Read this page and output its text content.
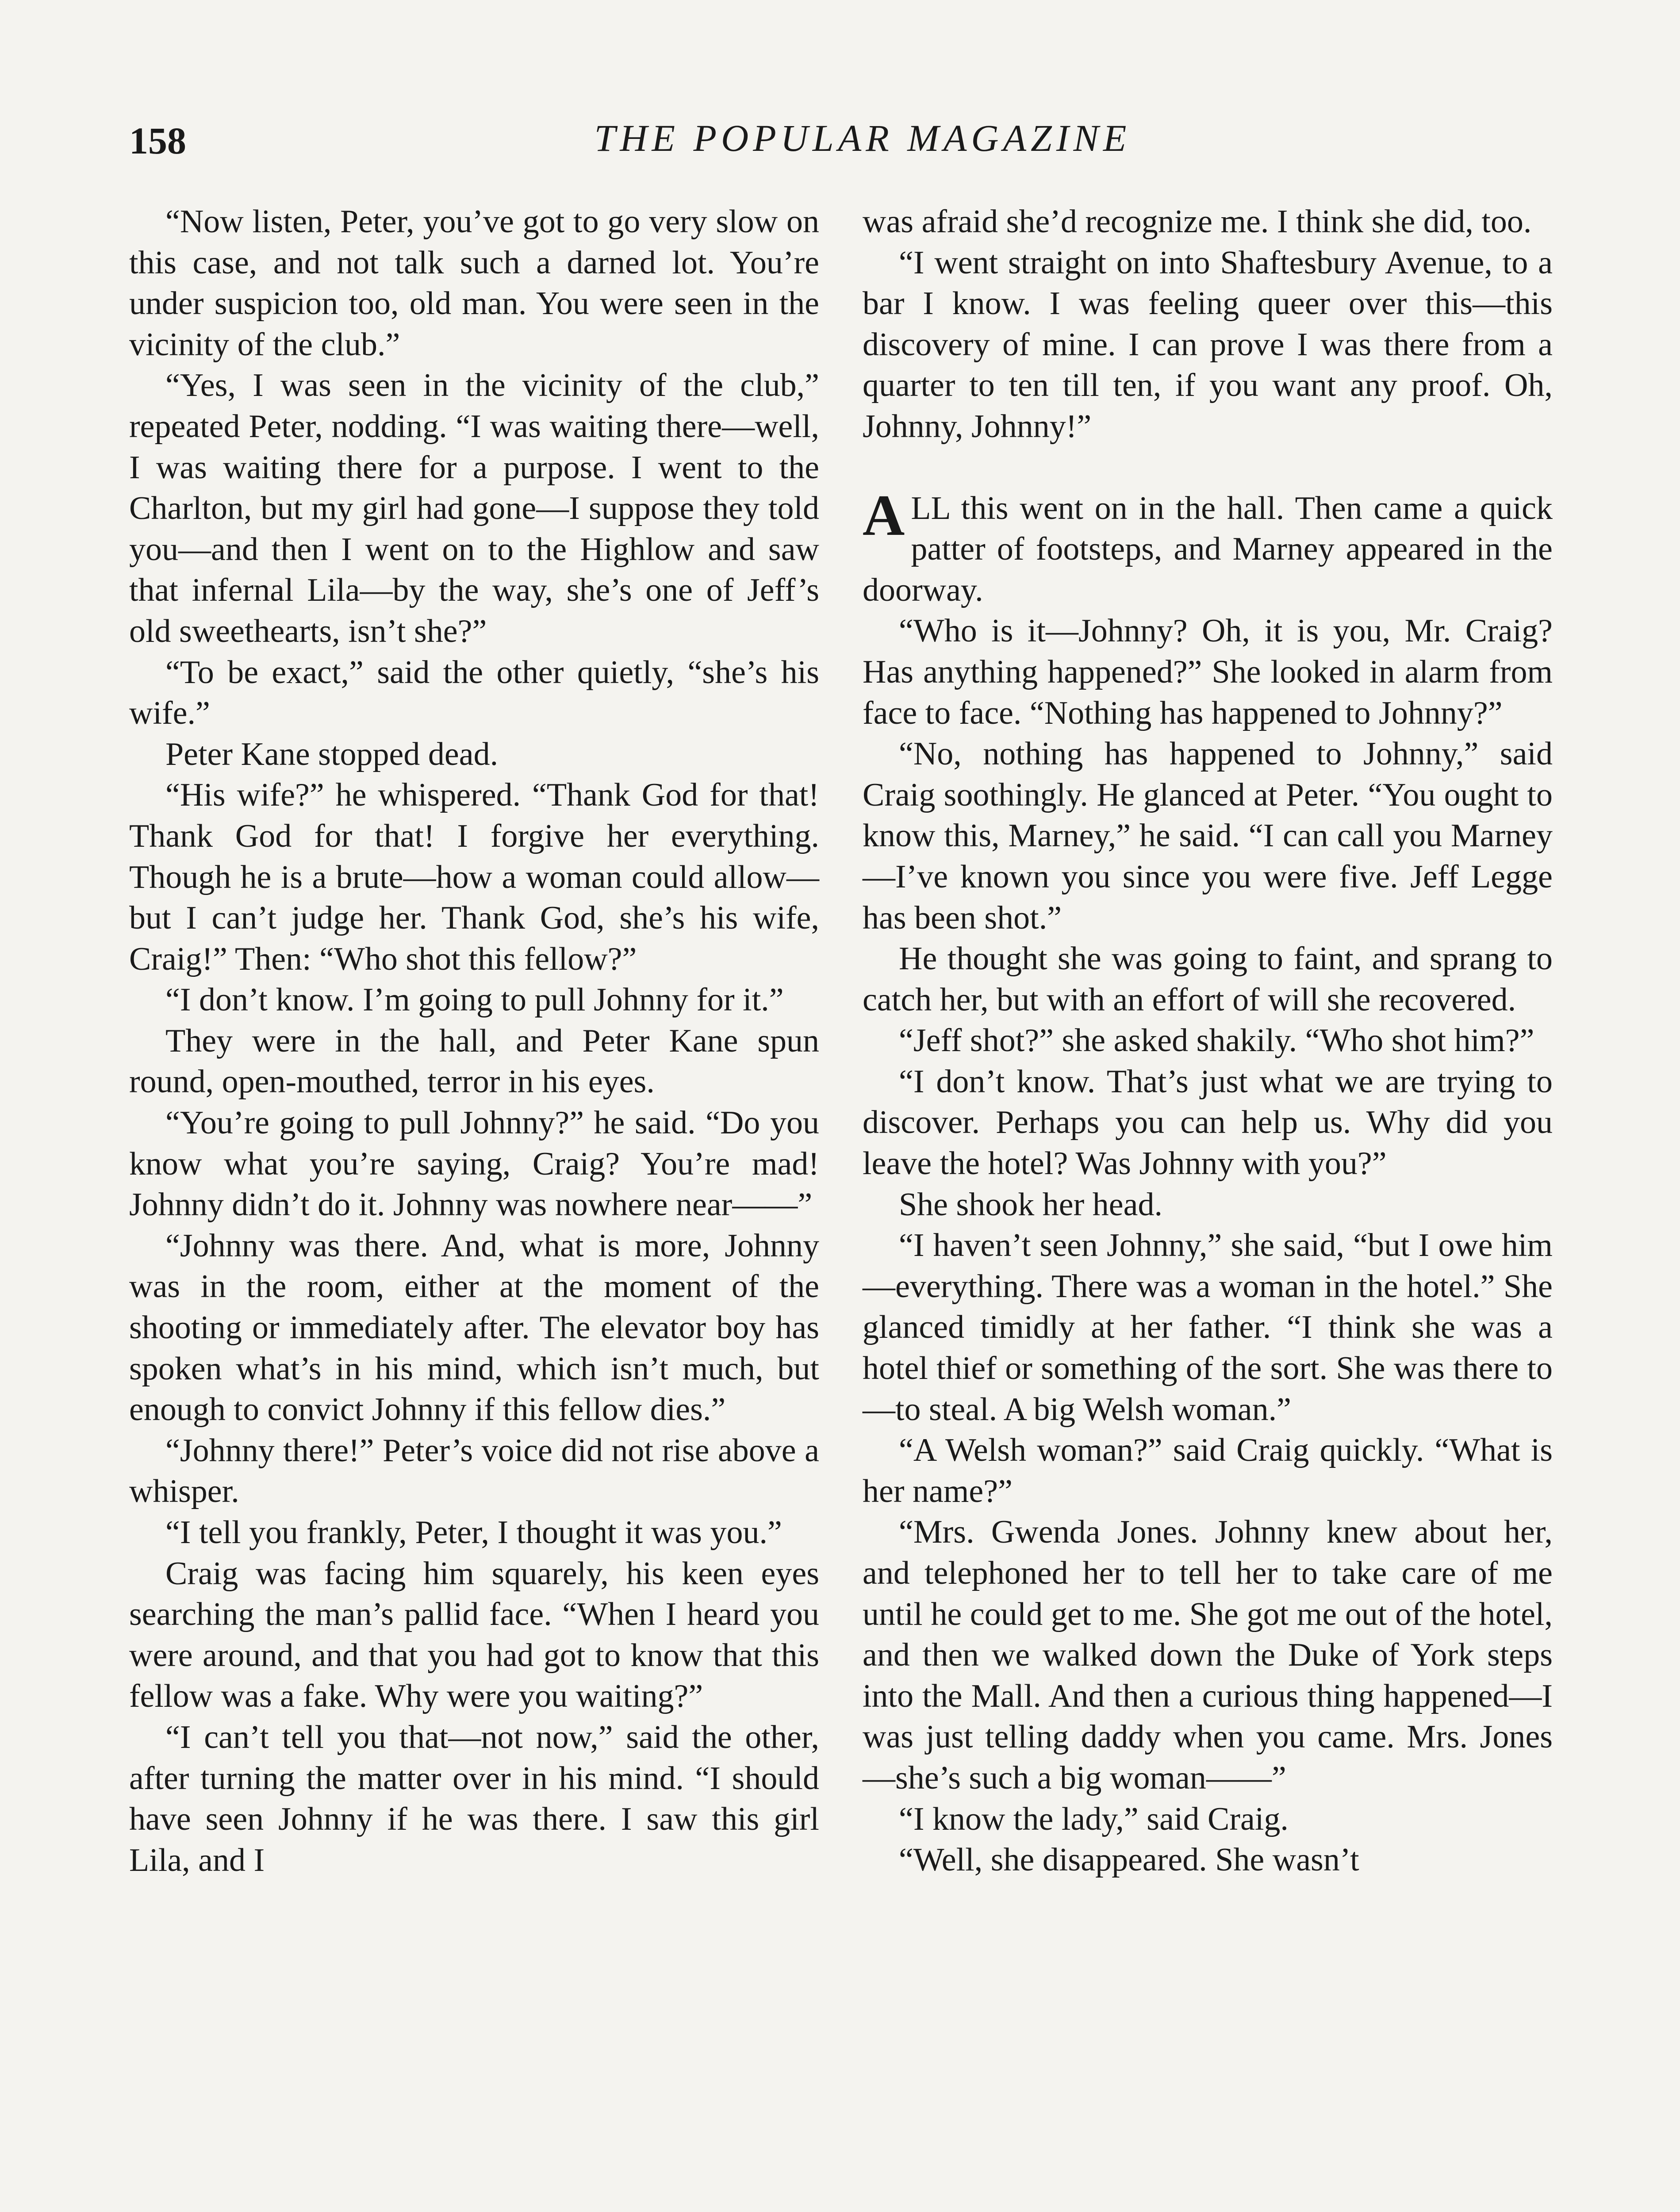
158	THE POPULAR MAGAZINE

“Now listen, Peter, you’ve got to go very slow on this case, and not talk such a darned lot. You’re under suspicion too, old man. You were seen in the vicinity of the club.”

“Yes, I was seen in the vicinity of the club,” repeated Peter, nodding. “I was waiting there—well, I was waiting there for a purpose. I went to the Charlton, but my girl had gone—I suppose they told you—and then I went on to the Highlow and saw that infernal Lila—by the way, she’s one of Jeff’s old sweethearts, isn’t she?”

“To be exact,” said the other quietly, “she’s his wife.”

Peter Kane stopped dead.

“His wife?” he whispered. “Thank God for that! Thank God for that! I forgive her everything. Though he is a brute—how a woman could allow—but I can’t judge her. Thank God, she’s his wife, Craig!” Then: “Who shot this fellow?”

“I don’t know. I’m going to pull Johnny for it.”

They were in the hall, and Peter Kane spun round, open-mouthed, terror in his eyes.

“You’re going to pull Johnny?” he said. “Do you know what you’re saying, Craig? You’re mad! Johnny didn’t do it. Johnny was nowhere near——”

“Johnny was there. And, what is more, Johnny was in the room, either at the moment of the shooting or immediately after. The elevator boy has spoken what’s in his mind, which isn’t much, but enough to convict Johnny if this fellow dies.”

“Johnny there!” Peter’s voice did not rise above a whisper.

“I tell you frankly, Peter, I thought it was you.”

Craig was facing him squarely, his keen eyes searching the man’s pallid face. “When I heard you were around, and that you had got to know that this fellow was a fake. Why were you waiting?”

“I can’t tell you that—not now,” said the other, after turning the matter over in his mind. “I should have seen Johnny if he was there. I saw this girl Lila, and I

was afraid she’d recognize me. I think she did, too.

“I went straight on into Shaftesbury Avenue, to a bar I know. I was feeling queer over this—this discovery of mine. I can prove I was there from a quarter to ten till ten, if you want any proof. Oh, Johnny, Johnny!”

ALL this went on in the hall. Then came a quick patter of footsteps, and Marney appeared in the doorway.

“Who is it—Johnny? Oh, it is you, Mr. Craig? Has anything happened?” She looked in alarm from face to face. “Nothing has happened to Johnny?”

“No, nothing has happened to Johnny,” said Craig soothingly. He glanced at Peter. “You ought to know this, Marney,” he said. “I can call you Marney—I’ve known you since you were five. Jeff Legge has been shot.”

He thought she was going to faint, and sprang to catch her, but with an effort of will she recovered.

“Jeff shot?” she asked shakily. “Who shot him?”

“I don’t know. That’s just what we are trying to discover. Perhaps you can help us. Why did you leave the hotel? Was Johnny with you?”

She shook her head.

“I haven’t seen Johnny,” she said, “but I owe him—everything. There was a woman in the hotel.” She glanced timidly at her father. “I think she was a hotel thief or something of the sort. She was there to—to steal. A big Welsh woman.”

“A Welsh woman?” said Craig quickly. “What is her name?”

“Mrs. Gwenda Jones. Johnny knew about her, and telephoned her to tell her to take care of me until he could get to me. She got me out of the hotel, and then we walked down the Duke of York steps into the Mall. And then a curious thing happened—I was just telling daddy when you came. Mrs. Jones—she’s such a big woman——”

“I know the lady,” said Craig.

“Well, she disappeared. She wasn’t
